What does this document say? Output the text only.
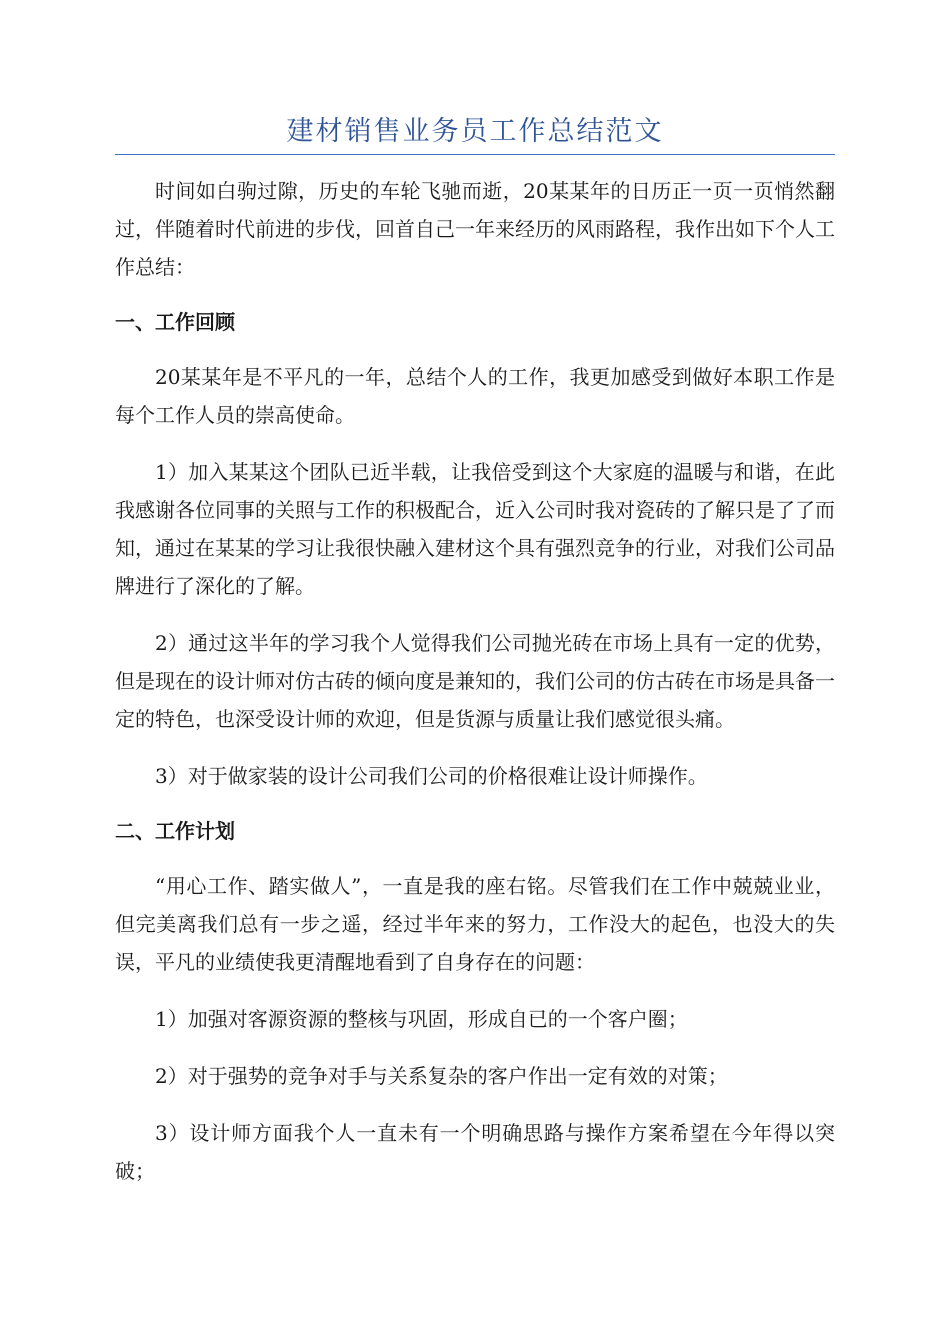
建材销售业务员工作总结范文

时间如白驹过隙，历史的车轮飞驰而逝，20某某年的日历正一页一页悄然翻过，伴随着时代前进的步伐，回首自己一年来经历的风雨路程，我作出如下个人工作总结：

一、工作回顾

20某某年是不平凡的一年，总结个人的工作，我更加感受到做好本职工作是每个工作人员的崇高使命。

1）加入某某这个团队已近半载，让我倍受到这个大家庭的温暖与和谐，在此我感谢各位同事的关照与工作的积极配合，近入公司时我对瓷砖的了解只是了了而知，通过在某某的学习让我很快融入建材这个具有强烈竞争的行业，对我们公司品牌进行了深化的了解。

2）通过这半年的学习我个人觉得我们公司抛光砖在市场上具有一定的优势，但是现在的设计师对仿古砖的倾向度是兼知的，我们公司的仿古砖在市场是具备一定的特色，也深受设计师的欢迎，但是货源与质量让我们感觉很头痛。

3）对于做家装的设计公司我们公司的价格很难让设计师操作。

二、工作计划

“用心工作、踏实做人”，一直是我的座右铭。尽管我们在工作中兢兢业业，但完美离我们总有一步之遥，经过半年来的努力，工作没大的起色，也没大的失误，平凡的业绩使我更清醒地看到了自身存在的问题：

1）加强对客源资源的整核与巩固，形成自已的一个客户圈；

2）对于强势的竞争对手与关系复杂的客户作出一定有效的对策；

3）设计师方面我个人一直未有一个明确思路与操作方案希望在今年得以突破；
